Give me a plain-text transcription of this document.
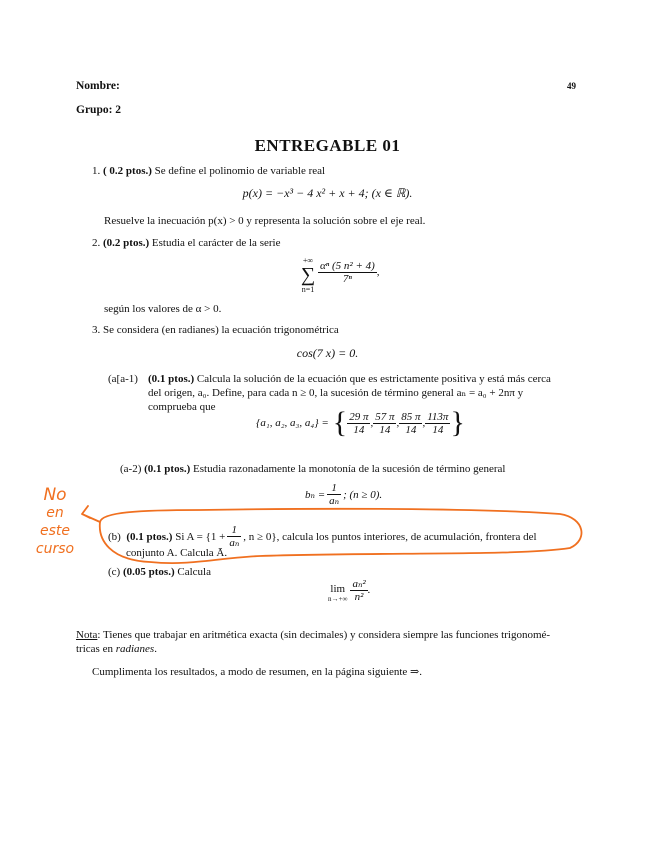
Nombre:	49
Grupo: 2
ENTREGABLE 01
1. ( 0.2 ptos.) Se define el polinomio de variable real
p(x) = −x³ − 4 x² + x + 4; (x ∈ ℝ).
Resuelve la inecuación p(x) > 0 y representa la solución sobre el eje real.
2. (0.2 ptos.) Estudia el carácter de la serie
+∞
∑
n=1
$\frac{\text{αⁿ (5 n² + 4)}}{\text{7ⁿ}}$ ,
según los valores de α > 0.
3. Se considera (en radianes) la ecuación trigonométrica
cos(7 x) = 0.
(a[a-1) (0.1 ptos.) Calcula la solución de la ecuación que es estrictamente positiva y está más cerca
del origen, a₀. Define, para cada n ≥ 0, la sucesión de término general aₙ = a₀ + 2nπ y
comprueba que
{a₁, a₂, a₃, a₄} = { $\frac{29 \pi}{14}$ , $\frac{57 \pi}{14}$ , $\frac{85 \pi}{14}$ , $\frac{113\pi}{14}$ }
(a-2) (0.1 ptos.) Estudia razonadamente la monotonía de la sucesión de término general
$b_n = \frac{1}{\text{aₙ}}$ ; (n ≥ 0).
(b)
(0.1 ptos.)
Si $A = \{1 + \frac{1}{\text{aₙ}}$ , n ≥ 0}, calcula los puntos interiores, de acumulación, frontera del
conjunto A. Calcula Ā.
(c) (0.05 ptos.) Calcula
lim
$n\to+\infty \frac{\text{aₙ²}}{\text{n²}}$ .
Nota: Tienes que trabajar en aritmética exacta (sin decimales) y considera siempre las funciones trigonomé-
tricas en radianes.
Cumplimenta los resultados, a modo de resumen, en la página siguiente ⇒.
No
en
este
curso
